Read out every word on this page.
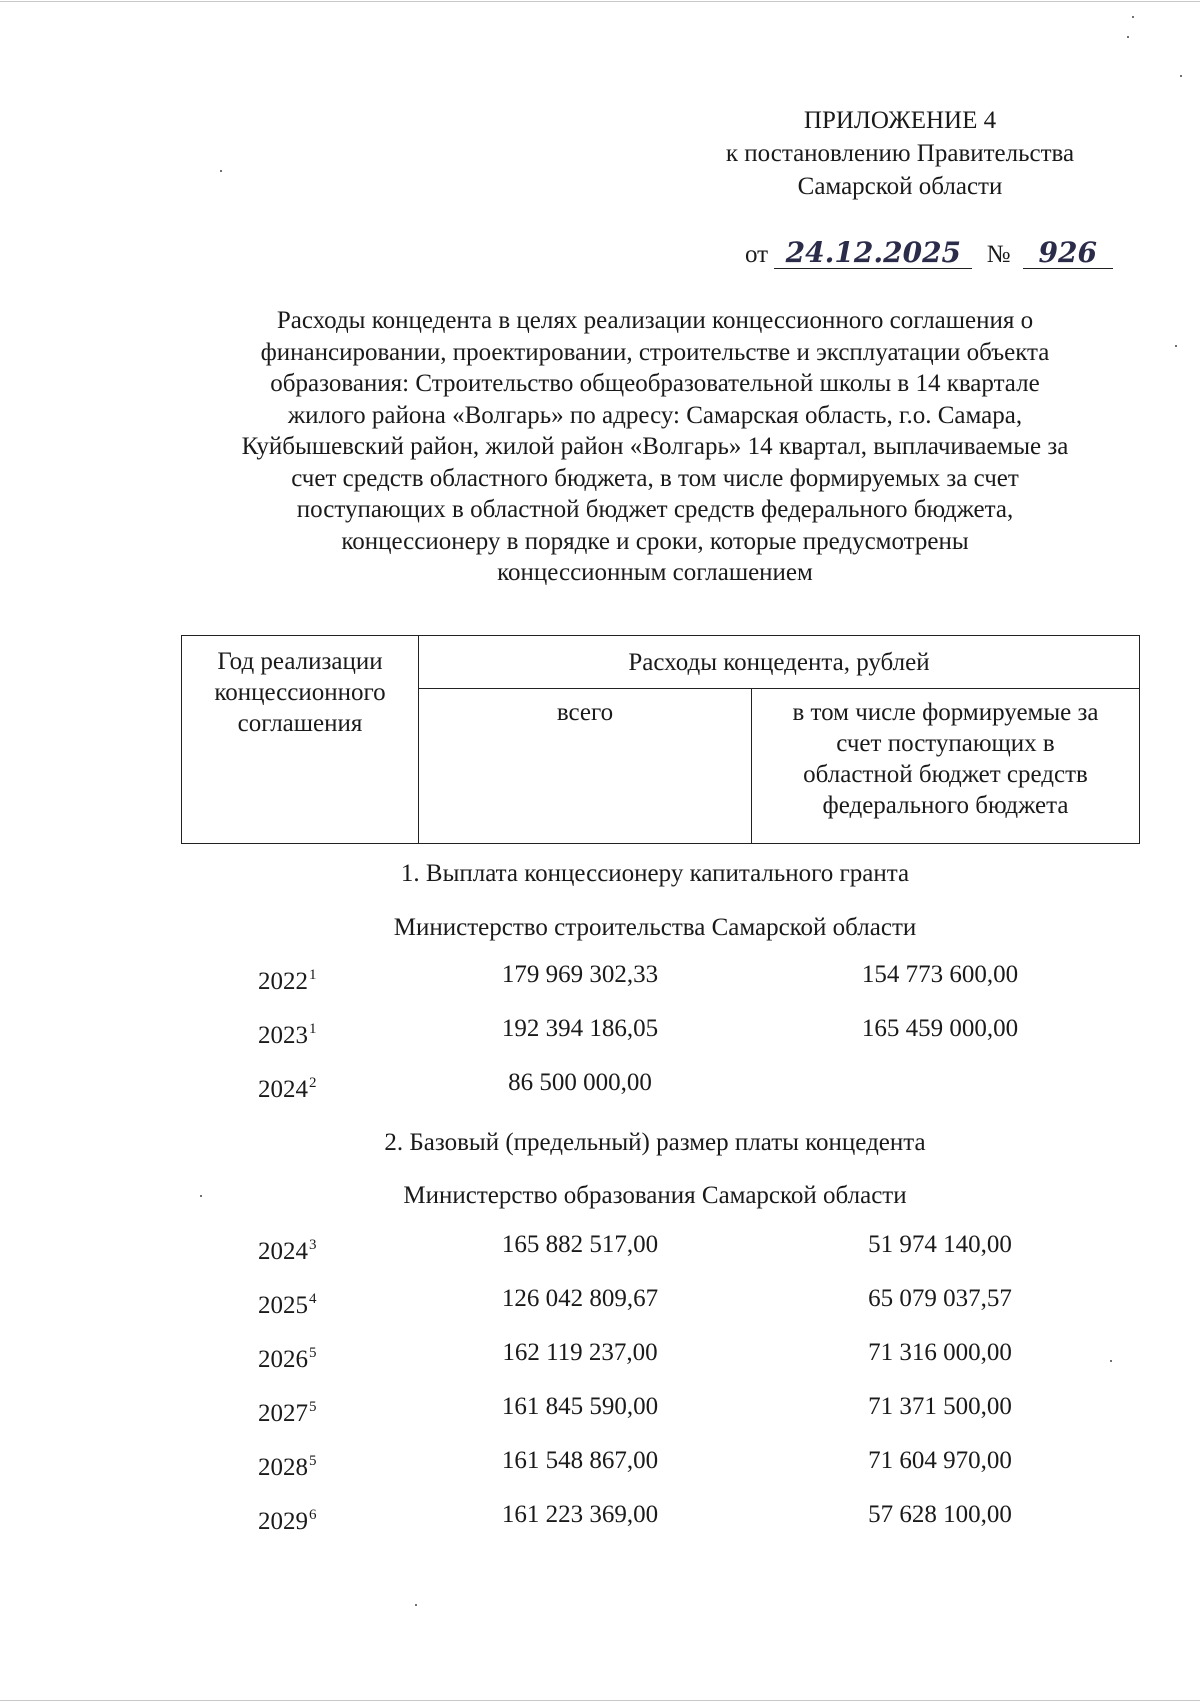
ПРИЛОЖЕНИЕ 4
к постановлению Правительства
Самарской области
от 24.12.2025 № 926
Расходы концедента в целях реализации концессионного соглашения о
финансировании, проектировании, строительстве и эксплуатации объекта
образования: Строительство общеобразовательной школы в 14 квартале
жилого района «Волгарь» по адресу: Самарская область, г.о. Самара,
Куйбышевский район, жилой район «Волгарь» 14 квартал, выплачиваемые за
счет средств областного бюджета, в том числе формируемых за счет
поступающих в областной бюджет средств федерального бюджета,
концессионеру в порядке и сроки, которые предусмотрены
концессионным соглашением
Год реализации
концессионного
соглашения	Расходы концедента, рублей	
	всего	в том числе формируемые за
счет поступающих в
областной бюджет средств
федерального бюджета
1. Выплата концессионеру капитального гранта
Министерство строительства Самарской области
2022$^1$	179 969 302,33	154 773 600,00
2023$^1$	192 394 186,05	165 459 000,00
2024$^2$	86 500 000,00
2. Базовый (предельный) размер платы концедента
Министерство образования Самарской области
2024$^3$	165 882 517,00	51 974 140,00
2025$^4$	126 042 809,67	65 079 037,57
2026$^5$	162 119 237,00	71 316 000,00
2027$^5$	161 845 590,00	71 371 500,00
2028$^5$	161 548 867,00	71 604 970,00
2029$^6$	161 223 369,00	57 628 100,00
